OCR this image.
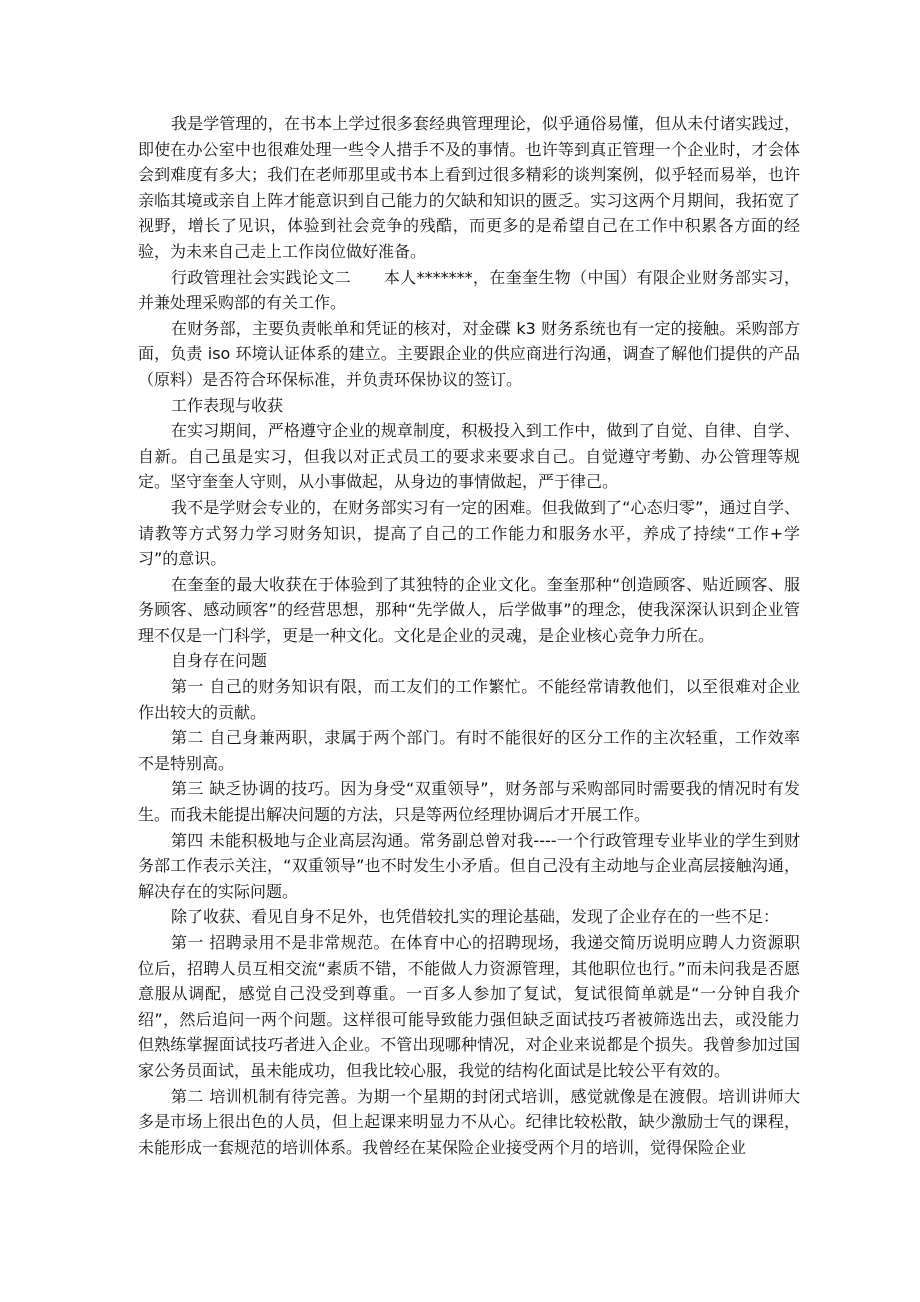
我是学管理的，在书本上学过很多套经典管理理论，似乎通俗易懂，但从未付诸实践过，即使在办公室中也很难处理一些令人措手不及的事情。也许等到真正管理一个企业时，才会体会到难度有多大；我们在老师那里或书本上看到过很多精彩的谈判案例，似乎轻而易举，也许亲临其境或亲自上阵才能意识到自己能力的欠缺和知识的匮乏。实习这两个月期间，我拓宽了视野，增长了见识，体验到社会竞争的残酷，而更多的是希望自己在工作中积累各方面的经验，为未来自己走上工作岗位做好准备。

行政管理社会实践论文二　　本人*******，在奎奎生物（中国）有限企业财务部实习，并兼处理采购部的有关工作。

在财务部，主要负责帐单和凭证的核对，对金碟 k3 财务系统也有一定的接触。采购部方面，负责 iso 环境认证体系的建立。主要跟企业的供应商进行沟通，调查了解他们提供的产品（原料）是否符合环保标准，并负责环保协议的签订。

工作表现与收获

在实习期间，严格遵守企业的规章制度，积极投入到工作中，做到了自觉、自律、自学、自新。自己虽是实习，但我以对正式员工的要求来要求自己。自觉遵守考勤、办公管理等规定。坚守奎奎人守则，从小事做起，从身边的事情做起，严于律己。

我不是学财会专业的，在财务部实习有一定的困难。但我做到了“心态归零”，通过自学、请教等方式努力学习财务知识，提高了自己的工作能力和服务水平，养成了持续“工作+学习”的意识。

在奎奎的最大收获在于体验到了其独特的企业文化。奎奎那种“创造顾客、贴近顾客、服务顾客、感动顾客”的经营思想，那种“先学做人，后学做事”的理念，使我深深认识到企业管理不仅是一门科学，更是一种文化。文化是企业的灵魂，是企业核心竞争力所在。

自身存在问题

第一 自己的财务知识有限，而工友们的工作繁忙。不能经常请教他们，以至很难对企业作出较大的贡献。

第二 自己身兼两职，隶属于两个部门。有时不能很好的区分工作的主次轻重，工作效率不是特别高。

第三 缺乏协调的技巧。因为身受“双重领导”，财务部与采购部同时需要我的情况时有发生。而我未能提出解决问题的方法，只是等两位经理协调后才开展工作。

第四 未能积极地与企业高层沟通。常务副总曾对我----一个行政管理专业毕业的学生到财务部工作表示关注，“双重领导”也不时发生小矛盾。但自己没有主动地与企业高层接触沟通，解决存在的实际问题。

除了收获、看见自身不足外，也凭借较扎实的理论基础，发现了企业存在的一些不足：

第一 招聘录用不是非常规范。在体育中心的招聘现场，我递交简历说明应聘人力资源职位后，招聘人员互相交流“素质不错，不能做人力资源管理，其他职位也行。”而未问我是否愿意服从调配，感觉自己没受到尊重。一百多人参加了复试，复试很简单就是“一分钟自我介绍”，然后追问一两个问题。这样很可能导致能力强但缺乏面试技巧者被筛选出去，或没能力但熟练掌握面试技巧者进入企业。不管出现哪种情况，对企业来说都是个损失。我曾参加过国家公务员面试，虽未能成功，但我比较心服，我觉的结构化面试是比较公平有效的。

第二 培训机制有待完善。为期一个星期的封闭式培训，感觉就像是在渡假。培训讲师大多是市场上很出色的人员，但上起课来明显力不从心。纪律比较松散，缺少激励士气的课程，未能形成一套规范的培训体系。我曾经在某保险企业接受两个月的培训，觉得保险企业
